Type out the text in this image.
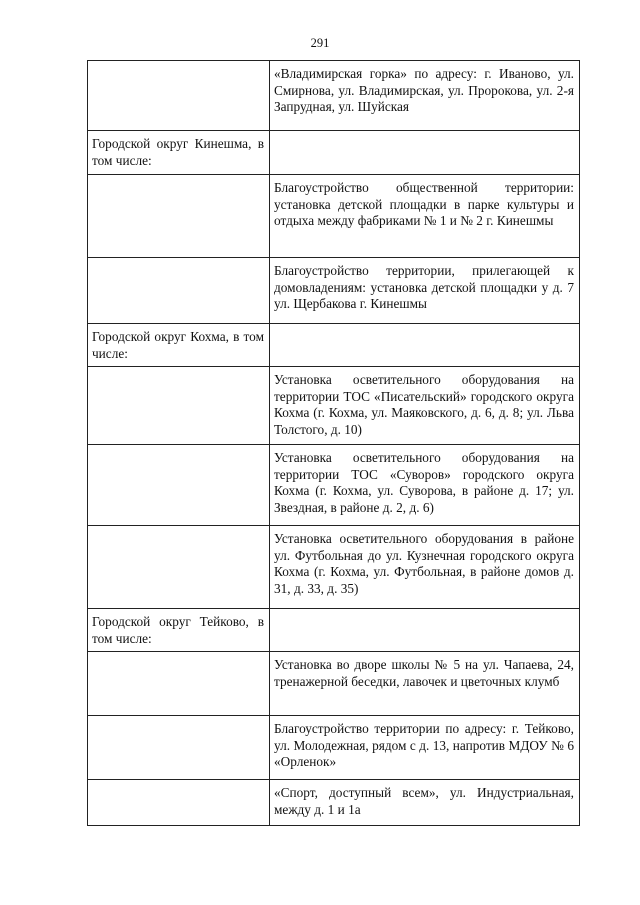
291
	«Владимирская горка» по адресу: г. Иваново, ул. Смирнова, ул. Владимирская, ул. Пророкова, ул. 2-я Запрудная, ул. Шуйская
Городской округ Кинешма, в том числе:	
	Благоустройство общественной территории: установка детской площадки в парке культуры и отдыха между фабриками № 1 и № 2 г. Кинешмы
	Благоустройство территории, прилегающей к домовладениям: установка детской площадки у д. 7 ул. Щербакова г. Кинешмы
Городской округ Кохма, в том числе:	
	Установка осветительного оборудования на территории ТОС «Писательский» городского округа Кохма (г. Кохма, ул. Маяковского, д. 6, д. 8; ул. Льва Толстого, д. 10)
	Установка осветительного оборудования на территории ТОС «Суворов» городского округа Кохма (г. Кохма, ул. Суворова, в районе д. 17; ул. Звездная, в районе д. 2, д. 6)
	Установка осветительного оборудования в районе ул. Футбольная до ул. Кузнечная городского округа Кохма (г. Кохма, ул. Футбольная, в районе домов д. 31, д. 33, д. 35)
Городской округ Тейково, в том числе:	
	Установка во дворе школы № 5 на ул. Чапаева, 24, тренажерной беседки, лавочек и цветочных клумб
	Благоустройство территории по адресу: г. Тейково, ул. Молодежная, рядом с д. 13, напротив МДОУ № 6 «Орленок»
	«Спорт, доступный всем», ул. Индустриальная, между д. 1 и 1а
